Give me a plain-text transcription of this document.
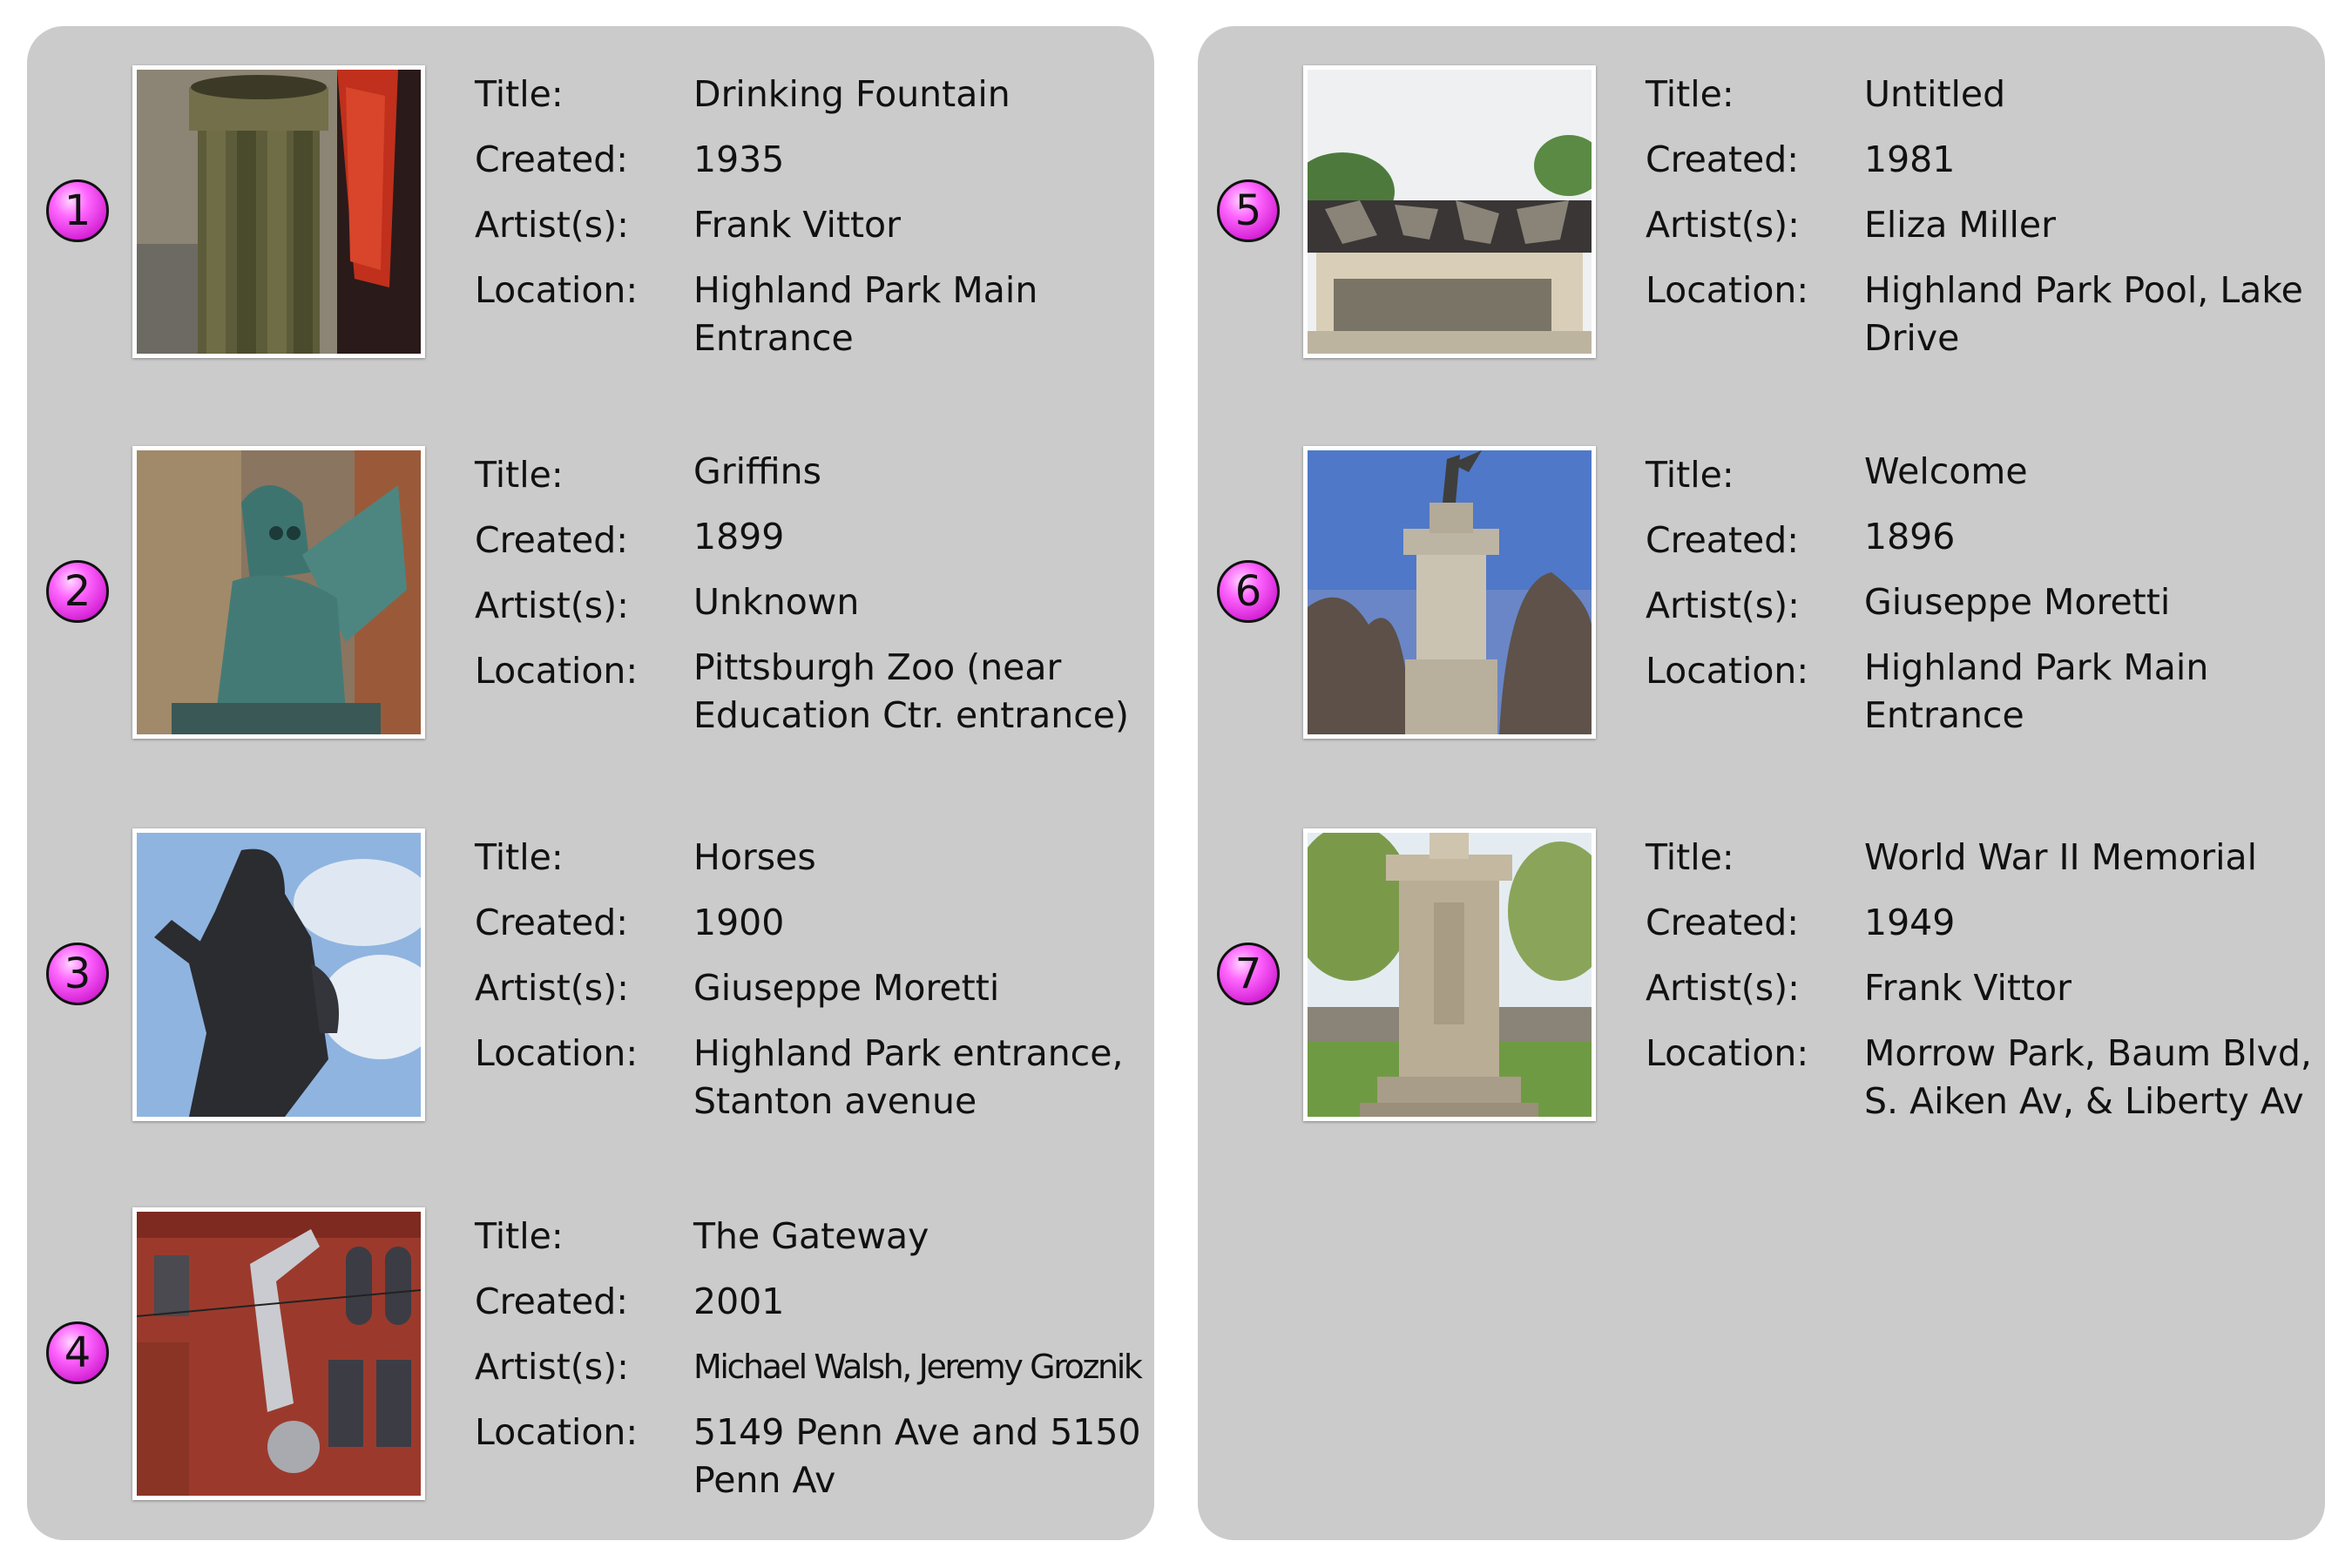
1
Title:	Drinking Fountain
Created: 1935
Artist(s): Frank Vittor
Location: Highland Park Main Entrance
2
Title:	Griffins
Created: 1899
Artist(s): Unknown
Location: Pittsburgh Zoo (near Education Ctr. entrance)
3
Title:	Horses
Created: 1900
Artist(s): Giuseppe Moretti
Location: Highland Park entrance, Stanton avenue
4
Title:	The Gateway
Created: 2001
Artist(s): Michael Walsh, Jeremy Groznik
Location: 5149 Penn Ave and 5150 Penn Av
5
Title:	Untitled
Created: 1981
Artist(s): Eliza Miller
Location: Highland Park Pool, Lake Drive
6
Title:	Welcome
Created: 1896
Artist(s): Giuseppe Moretti
Location: Highland Park Main Entrance
7
Title:	World War II Memorial
Created: 1949
Artist(s): Frank Vittor
Location: Morrow Park, Baum Blvd, S. Aiken Av, & Liberty Av
